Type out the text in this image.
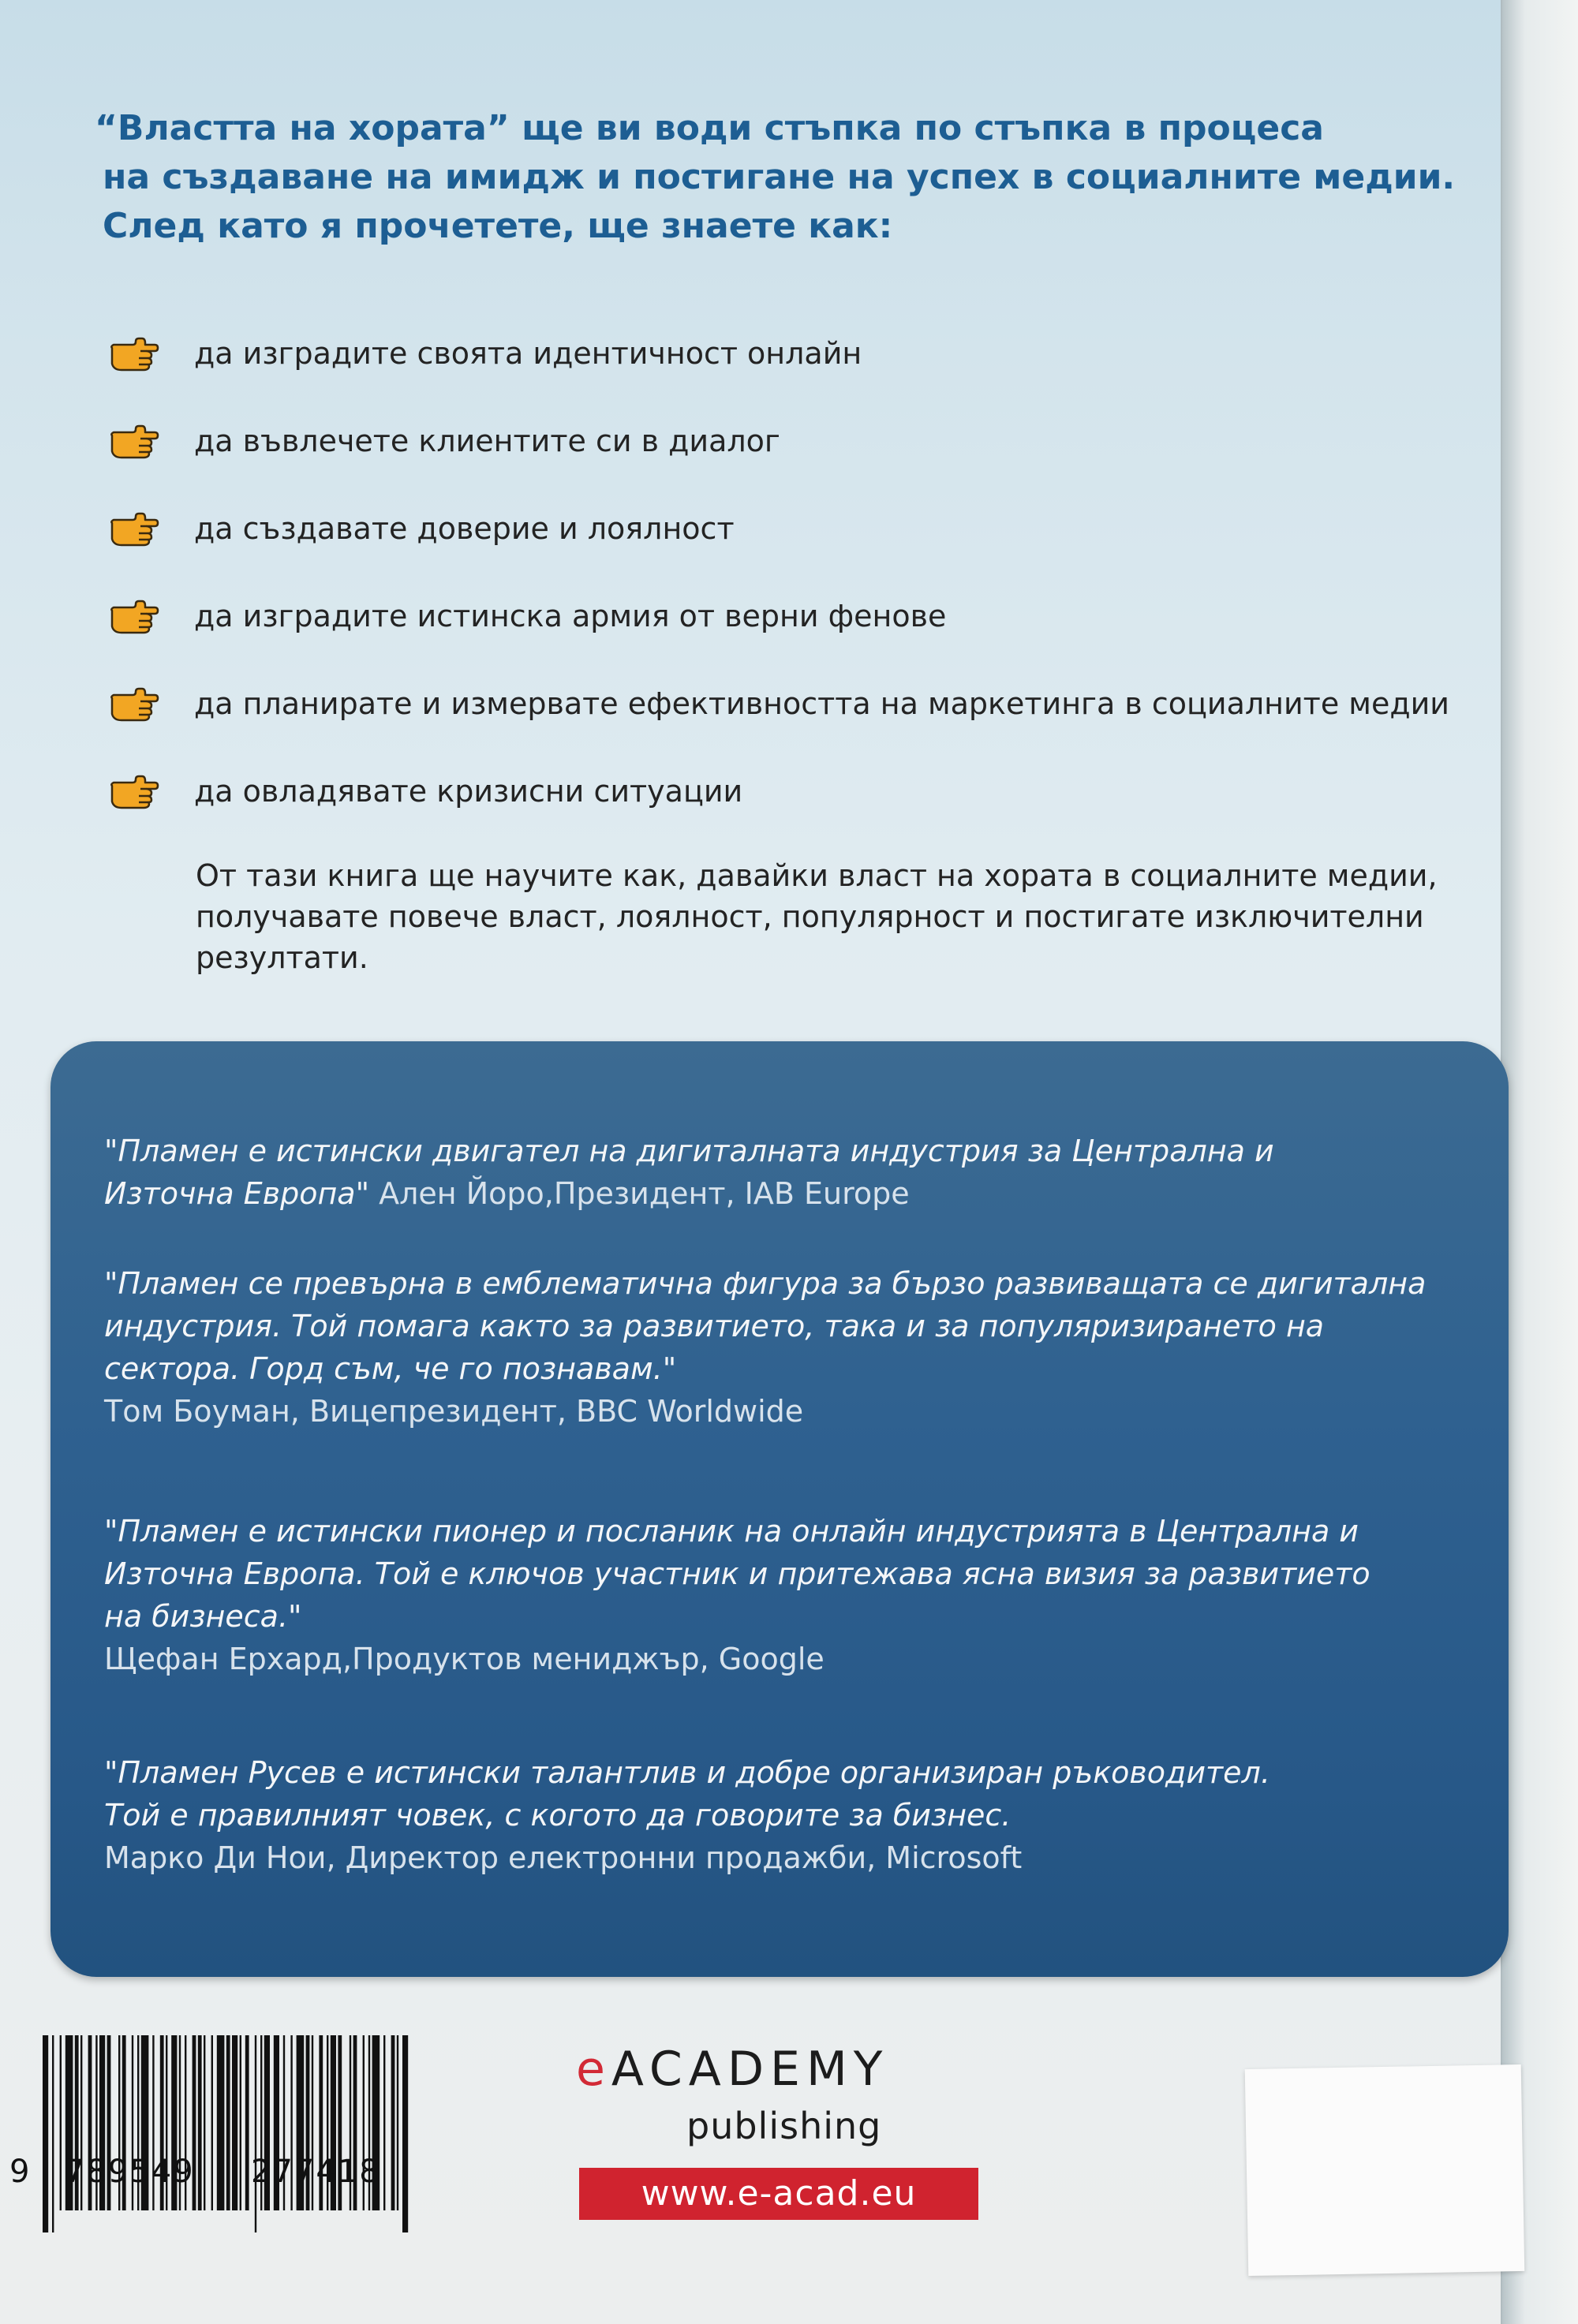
“Властта на хората” ще ви води стъпка по стъпка в процеса
на създаване на имидж и постигане на успех в социалните медии.
След като я прочетете, ще знаете как:

да изградите своята идентичност онлайн
да въвлечете клиентите си в диалог
да създавате доверие и лоялност
да изградите истинска армия от верни фенове
да планирате и измервате ефективността на маркетинга в социалните медии
да овладявате кризисни ситуации

От тази книга ще научите как, давайки власт на хората в социалните медии,
получавате повече власт, лоялност, популярност и постигате изключителни
резултати.

"Пламен е истински двигател на дигиталната индустрия за Централна и
Източна Европа" Ален Йоро,Президент, IAB Europe
"Пламен се превърна в емблематична фигура за бързо развиващата се дигитална
индустрия. Той помага както за развитието, така и за популяризирането на
сектора. Горд съм, че го познавам."
Том Боуман, Вицепрезидент, BBC Worldwide
"Пламен е истински пионер и посланик на онлайн индустрията в Централна и
Източна Европа. Той е ключов участник и притежава ясна визия за развитието
на бизнеса."
Щефан Ерхард,Продуктов мениджър, Google
"Пламен Русев е истински талантлив и добре организиран ръководител.
Той е правилният човек, с когото да говорите за бизнес.
Марко Ди Нои, Директор електронни продажби, Microsoft
9 789549 277418
eACADEMY
publishing
www.e-acad.eu
